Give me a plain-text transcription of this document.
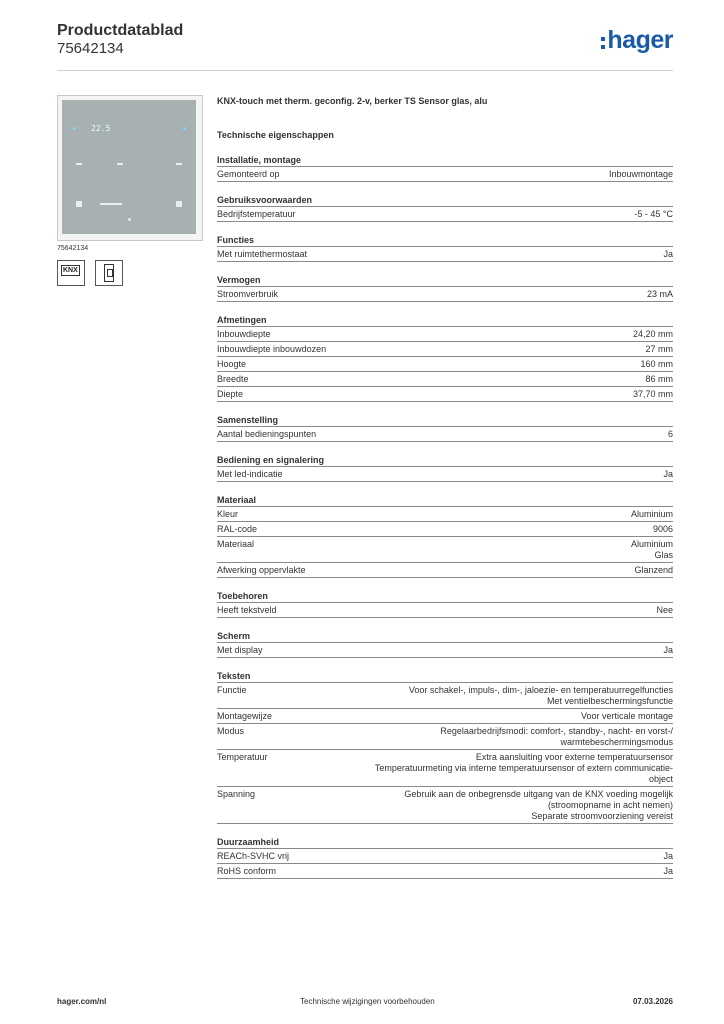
Productdatablad
75642134	hager
22.5
75642134
KNX
KNX-touch met therm. geconfig. 2-v, berker TS Sensor glas, alu
Technische eigenschappen
Installatie, montage
Gemonteerd op	Inbouwmontage
Gebruiksvoorwaarden
Bedrijfstemperatuur	-5 - 45 °C
Functies
Met ruimtethermostaat	Ja
Vermogen
Stroomverbruik	23 mA
Afmetingen
Inbouwdiepte	24,20 mm
Inbouwdiepte inbouwdozen	27 mm
Hoogte	160 mm
Breedte	86 mm
Diepte	37,70 mm
Samenstelling
Aantal bedieningspunten	6
Bediening en signalering
Met led-indicatie	Ja
Materiaal
Kleur	Aluminium
RAL-code	9006
Materiaal	Aluminium
Glas
Afwerking oppervlakte	Glanzend
Toebehoren
Heeft tekstveld	Nee
Scherm
Met display	Ja
Teksten
Functie	Voor schakel-, impuls-, dim-, jaloezie- en temperatuurregelfuncties
Met ventielbeschermingsfunctie
Montagewijze	Voor verticale montage
Modus	Regelaarbedrijfsmodi: comfort-, standby-, nacht- en vorst-/
warmtebeschermingsmodus
Temperatuur	Extra aansluiting voor externe temperatuursensor
Temperatuurmeting via interne temperatuursensor of extern communicatie-
object
Spanning	Gebruik aan de onbegrensde uitgang van de KNX voeding mogelijk
(stroomopname in acht nemen)
Separate stroomvoorziening vereist
Duurzaamheid
REACh-SVHC vrij	Ja
RoHS conform	Ja
hager.com/nl	Technische wijzigingen voorbehouden	07.03.2026
